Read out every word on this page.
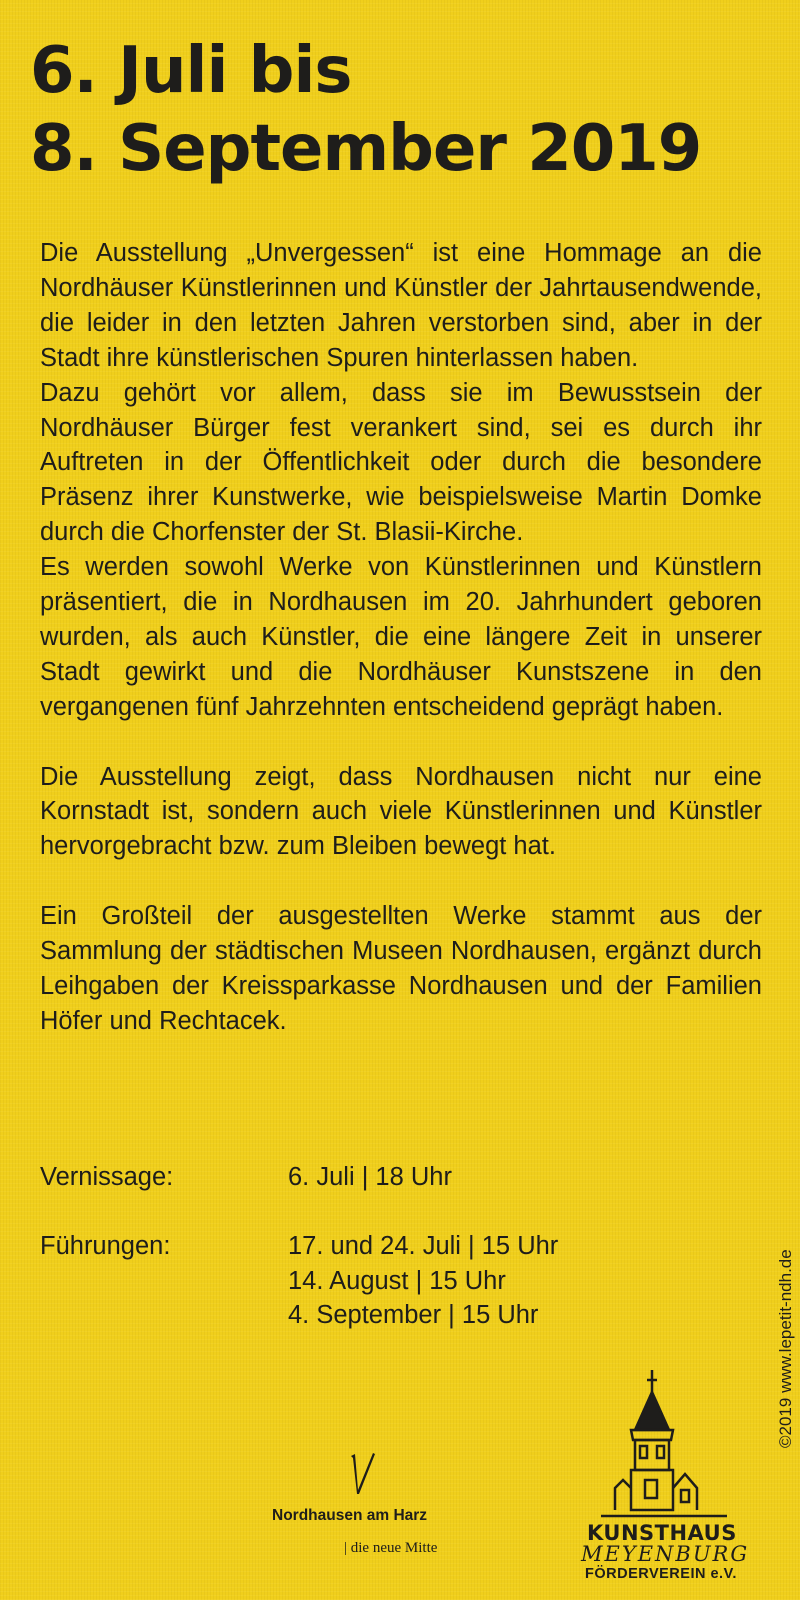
6. Juli bis
8. September 2019

Die Ausstellung „Unvergessen“ ist eine Hommage an die Nordhäuser Künstlerinnen und Künstler der Jahrtausendwende, die leider in den letzten Jahren verstorben sind, aber in der Stadt ihre künstlerischen Spuren hinterlassen haben.

Dazu gehört vor allem, dass sie im Bewusstsein der Nordhäuser Bürger fest verankert sind, sei es durch ihr Auftreten in der Öffentlichkeit oder durch die besondere Präsenz ihrer Kunstwerke, wie beispielsweise Martin Domke durch die Chorfenster der St. Blasii-Kirche.

Es werden sowohl Werke von Künstlerinnen und Künstlern präsentiert, die in Nordhausen im 20. Jahrhundert geboren wurden, als auch Künstler, die eine längere Zeit in unserer Stadt gewirkt und die Nordhäuser Kunstszene in den vergangenen fünf Jahrzehnten entscheidend geprägt haben.

Die Ausstellung zeigt, dass Nordhausen nicht nur eine Kornstadt ist, sondern auch viele Künstlerinnen und Künstler hervorgebracht bzw. zum Bleiben bewegt hat.

Ein Großteil der ausgestellten Werke stammt aus der Sammlung der städtischen Museen Nordhausen, ergänzt durch Leihgaben der Kreissparkasse Nordhausen und der Familien Höfer und Rechtacek.

Vernissage:	6. Juli | 18 Uhr
Führungen:	17. und 24. Juli | 15 Uhr
14. August | 15 Uhr
4. September | 15 Uhr	©2019 www.lepetit-ndh.de
Nordhausen am Harz
| die neue Mitte
KUNSTHAUS
MEYENBURG
FÖRDERVEREIN e.V.
